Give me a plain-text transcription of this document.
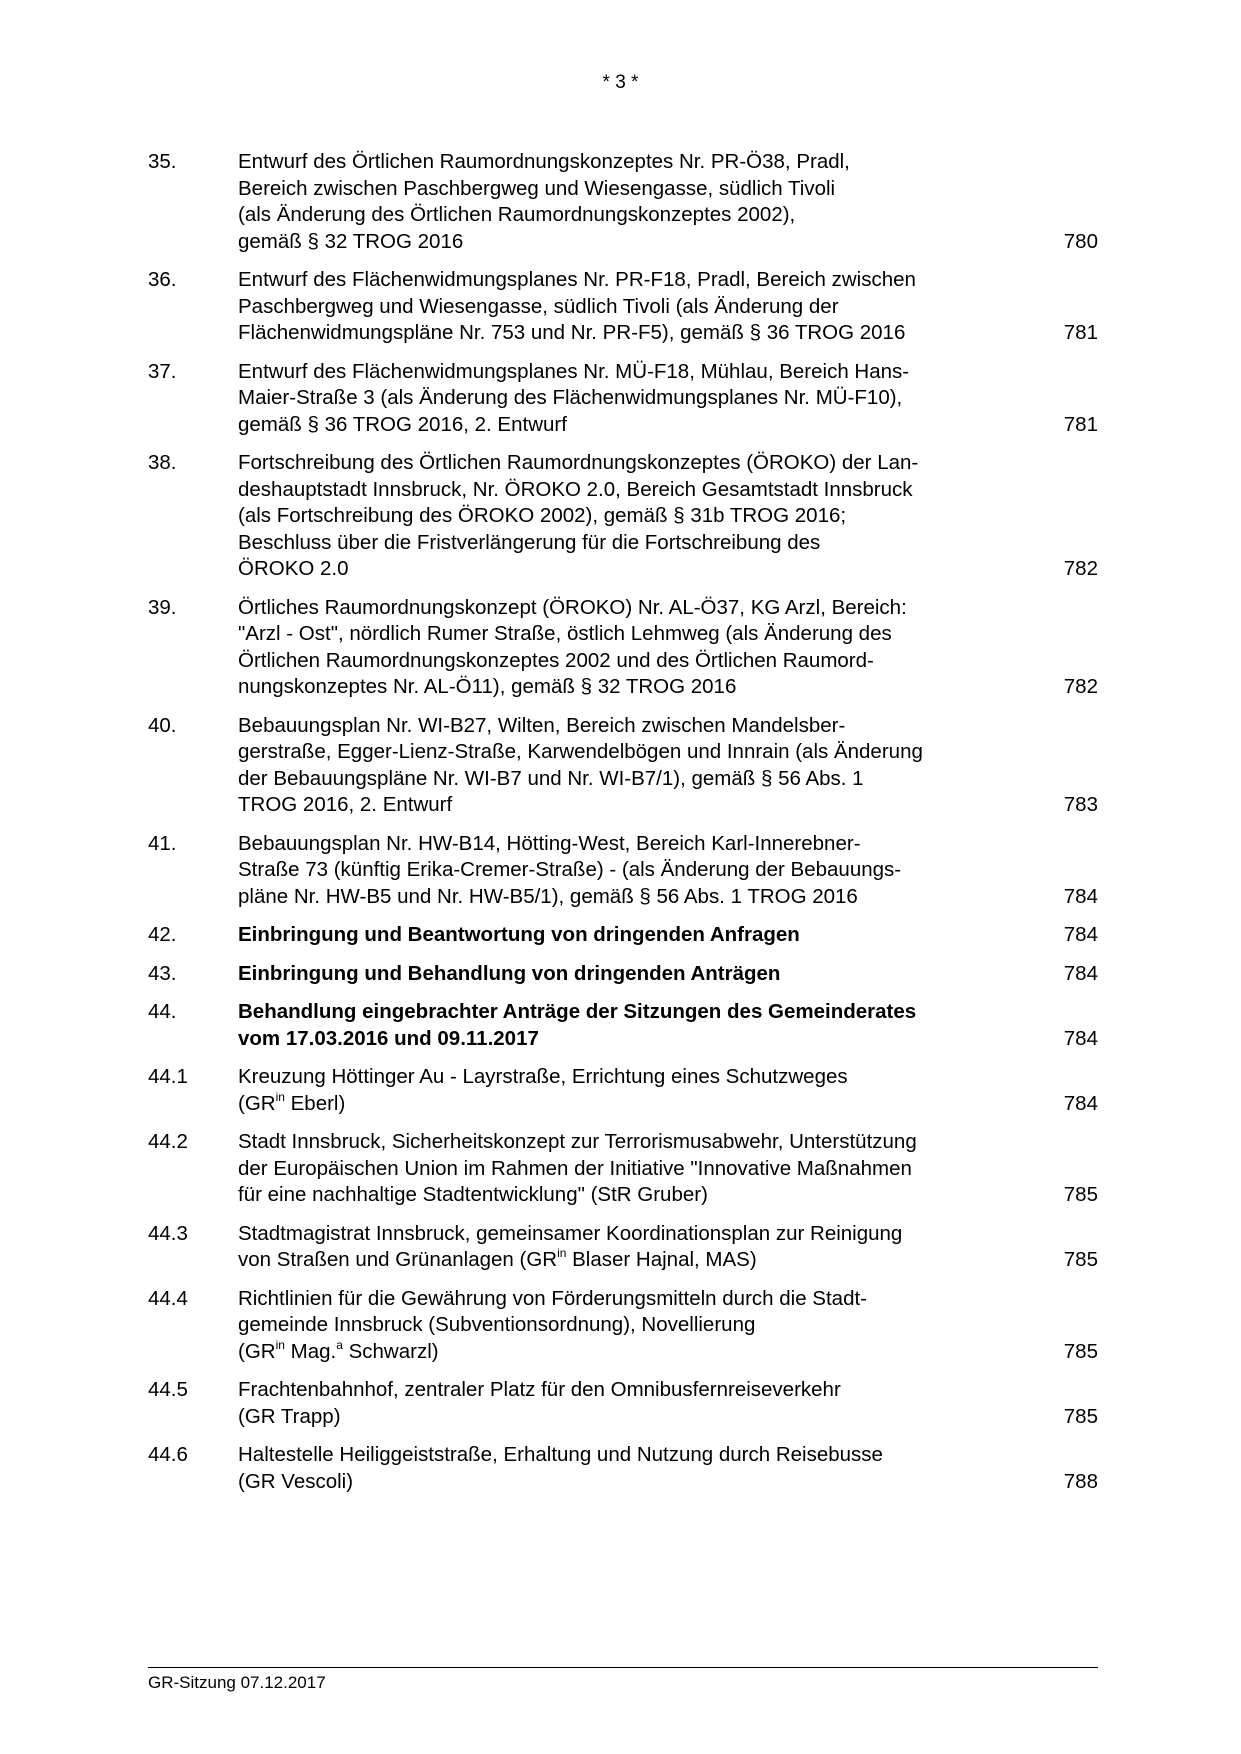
* 3 *
35.	Entwurf des Örtlichen Raumordnungskonzeptes Nr. PR-Ö38, Pradl,
Bereich zwischen Paschbergweg und Wiesengasse, südlich Tivoli
(als Änderung des Örtlichen Raumordnungskonzeptes 2002),
gemäß § 32 TROG 2016	780
36.	Entwurf des Flächenwidmungsplanes Nr. PR-F18, Pradl, Bereich zwischen
Paschbergweg und Wiesengasse, südlich Tivoli (als Änderung der
Flächenwidmungspläne Nr. 753 und Nr. PR-F5), gemäß § 36 TROG 2016	781
37.	Entwurf des Flächenwidmungsplanes Nr. MÜ-F18, Mühlau, Bereich Hans-
Maier-Straße 3 (als Änderung des Flächenwidmungsplanes Nr. MÜ-F10),
gemäß § 36 TROG 2016, 2. Entwurf	781
38.	Fortschreibung des Örtlichen Raumordnungskonzeptes (ÖROKO) der Lan-
deshauptstadt Innsbruck, Nr. ÖROKO 2.0, Bereich Gesamtstadt Innsbruck
(als Fortschreibung des ÖROKO 2002), gemäß § 31b TROG 2016;
Beschluss über die Fristverlängerung für die Fortschreibung des
ÖROKO 2.0	782
39.	Örtliches Raumordnungskonzept (ÖROKO) Nr. AL-Ö37, KG Arzl, Bereich:
"Arzl - Ost", nördlich Rumer Straße, östlich Lehmweg (als Änderung des
Örtlichen Raumordnungskonzeptes 2002 und des Örtlichen Raumord-
nungskonzeptes Nr. AL-Ö11), gemäß § 32 TROG 2016	782
40.	Bebauungsplan Nr. WI-B27, Wilten, Bereich zwischen Mandelsber-
gerstraße, Egger-Lienz-Straße, Karwendelbögen und Innrain (als Änderung
der Bebauungspläne Nr. WI-B7 und Nr. WI-B7/1), gemäß § 56 Abs. 1
TROG 2016, 2. Entwurf	783
41.	Bebauungsplan Nr. HW-B14, Hötting-West, Bereich Karl-Innerebner-
Straße 73 (künftig Erika-Cremer-Straße) - (als Änderung der Bebauungs-
pläne Nr. HW-B5 und Nr. HW-B5/1), gemäß § 56 Abs. 1 TROG 2016	784
42.	Einbringung und Beantwortung von dringenden Anfragen	784
43.	Einbringung und Behandlung von dringenden Anträgen	784
44.	Behandlung eingebrachter Anträge der Sitzungen des Gemeinderates
vom 17.03.2016 und 09.11.2017	784
44.1	Kreuzung Höttinger Au - Layrstraße, Errichtung eines Schutzweges
($GR^{in}$ Eberl)	784
44.2	Stadt Innsbruck, Sicherheitskonzept zur Terrorismusabwehr, Unterstützung
der Europäischen Union im Rahmen der Initiative "Innovative Maßnahmen
für eine nachhaltige Stadtentwicklung" (StR Gruber)	785
44.3	Stadtmagistrat Innsbruck, gemeinsamer Koordinationsplan zur Reinigung
von Straßen und Grünanlagen ($GR^{in}$ Blaser Hajnal, MAS)	785
44.4	Richtlinien für die Gewährung von Förderungsmitteln durch die Stadt-
gemeinde Innsbruck (Subventionsordnung), Novellierung
($GR^{in}$ Mag.$^a$ Schwarzl)	785
44.5	Frachtenbahnhof, zentraler Platz für den Omnibusfernreiseverkehr
(GR Trapp)	785
44.6	Haltestelle Heiliggeiststraße, Erhaltung und Nutzung durch Reisebusse
(GR Vescoli)	788
GR-Sitzung 07.12.2017
